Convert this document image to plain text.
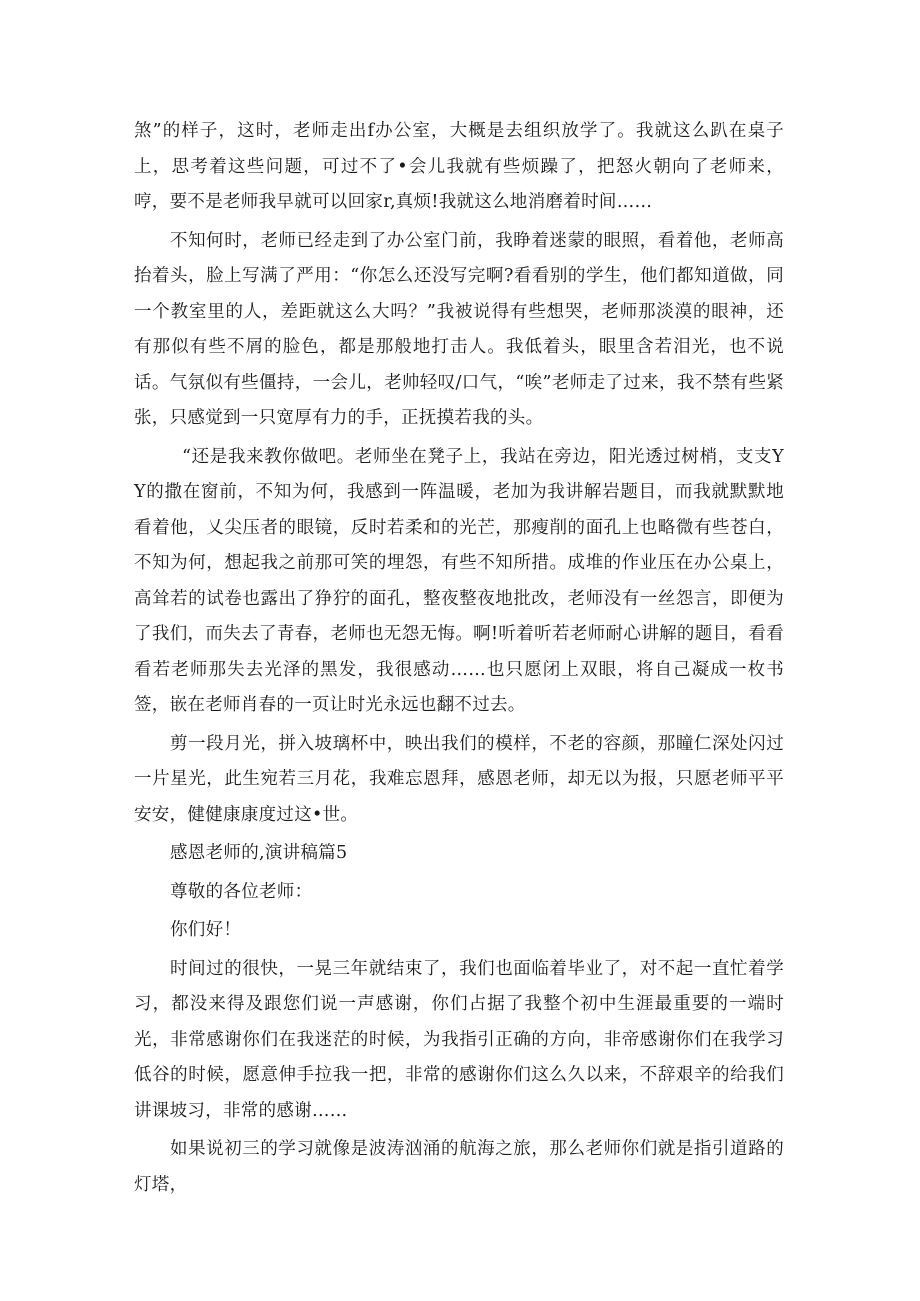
煞”的样子，这时，老师走出f办公室，大概是去组织放学了。我就这么趴在桌子上，思考着这些问题，可过不了•会儿我就有些烦躁了，把怒火朝向了老师来，哼，要不是老师我早就可以回家r,真烦!我就这么地消磨着时间……

不知何时，老师已经走到了办公室门前，我睁着迷蒙的眼照，看着他，老师高抬着头，脸上写满了严用：“你怎么还没写完啊?看看别的学生，他们都知道做，同一个教室里的人，差距就这么大吗？”我被说得有些想哭，老师那淡漠的眼神，还有那似有些不屑的脸色，都是那般地打击人。我低着头，眼里含若泪光，也不说话。气氛似有些僵持，一会儿，老帅轻叹/口气，“唉”老师走了过来，我不禁有些紧张，只感觉到一只宽厚有力的手，正抚摸若我的头。

“还是我来教你做吧。老师坐在凳子上，我站在旁边，阳光透过树梢，支支YY的撒在窗前，不知为何，我感到一阵温暖，老加为我讲解岩题目，而我就默默地看着他，乂尖压者的眼镜，反时若柔和的光芒，那瘦削的面孔上也略微有些苍白，不知为何，想起我之前那可笑的埋怨，有些不知所措。成堆的作业压在办公桌上，高耸若的试卷也露出了狰狞的面孔，整夜整夜地批改，老师没有一丝怨言，即便为了我们，而失去了青春，老师也无怨无悔。啊!听着听若老师耐心讲解的题目，看看看若老师那失去光泽的黑发，我很感动……也只愿闭上双眼，将自己凝成一枚书签，嵌在老师肖春的一页让时光永远也翻不过去。

剪一段月光，拼入坡璃杯中，映出我们的模样，不老的容颜，那瞳仁深处闪过一片星光，此生宛若三月花，我难忘恩拜，感恩老师，却无以为报，只愿老师平平安安，健健康康度过这•世。

感恩老师的,演讲稿篇5
尊敬的各位老师：
你们好！

时间过的很快，一晃三年就结束了，我们也面临着毕业了，对不起一直忙着学习，都没来得及跟您们说一声感谢，你们占据了我整个初中生涯最重要的一端时光，非常感谢你们在我迷茫的时候，为我指引正确的方向，非帝感谢你们在我学习低谷的时候，愿意伸手拉我一把，非常的感谢你们这么久以来，不辞艰辛的给我们讲课坡习，非常的感谢……

如果说初三的学习就像是波涛汹涌的航海之旅，那么老师你们就是指引道路的灯塔，
